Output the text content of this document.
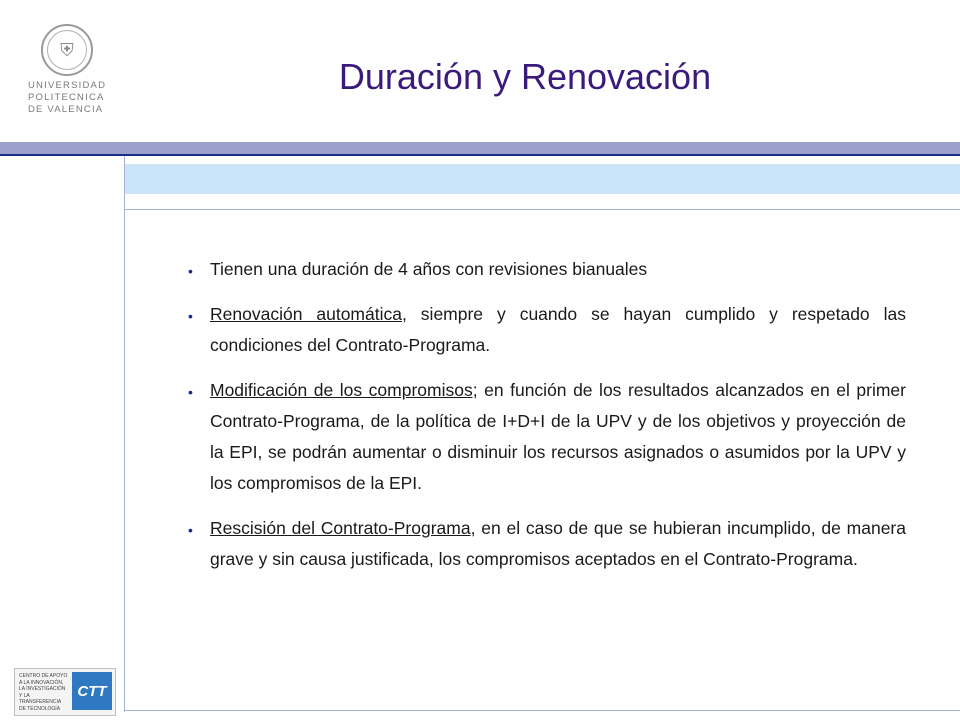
⛨
UNIVERSIDAD
POLITECNICA
DE VALENCIA
Duración y Renovación
• Tienen una duración de 4 años con revisiones bianuales
• Renovación automática, siempre y cuando se hayan cumplido y respetado las condiciones del Contrato-Programa.
• Modificación de los compromisos; en función de los resultados alcanzados en el primer Contrato-Programa, de la política de I+D+I de la UPV y de los objetivos y proyección de la EPI, se podrán aumentar o disminuir los recursos asignados o asumidos por la UPV y los compromisos de la EPI.
• Rescisión del Contrato-Programa, en el caso de que se hubieran incumplido, de manera grave y sin causa justificada, los compromisos aceptados en el Contrato-Programa.
CENTRO DE APOYO A LA INNOVACIÓN, LA INVESTIGACIÓN Y LA TRANSFERENCIA DE TECNOLOGÍA
CTT
